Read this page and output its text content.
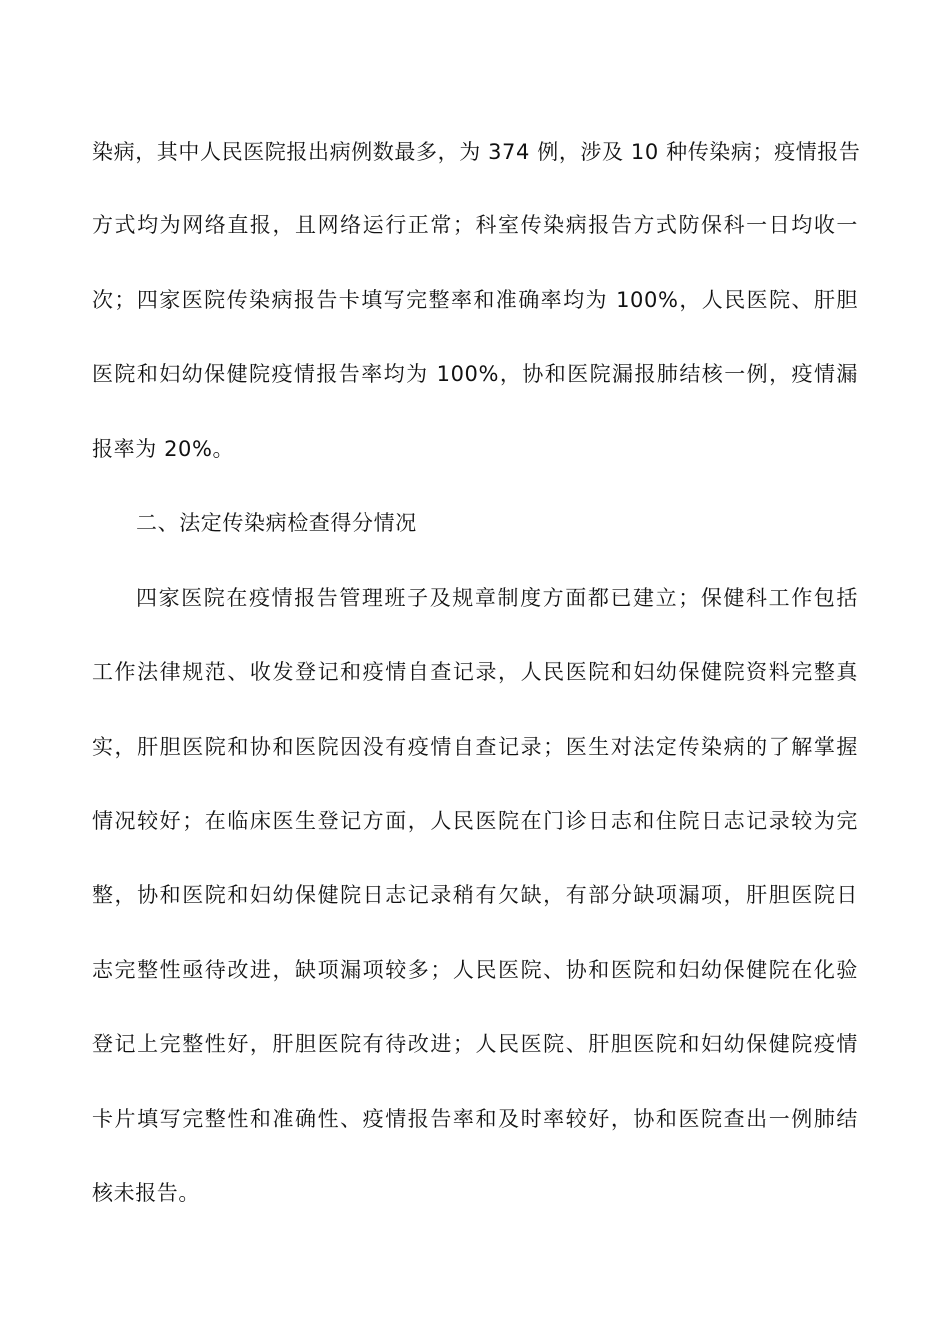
染病，其中人民医院报出病例数最多，为 374 例，涉及 10 种传染病；疫情报告
方式均为网络直报，且网络运行正常；科室传染病报告方式防保科一日均收一
次；四家医院传染病报告卡填写完整率和准确率均为 100%，人民医院、肝胆
医院和妇幼保健院疫情报告率均为 100%，协和医院漏报肺结核一例，疫情漏
报率为 20%。
二、法定传染病检查得分情况
四家医院在疫情报告管理班子及规章制度方面都已建立；保健科工作包括
工作法律规范、收发登记和疫情自查记录，人民医院和妇幼保健院资料完整真
实，肝胆医院和协和医院因没有疫情自查记录；医生对法定传染病的了解掌握
情况较好；在临床医生登记方面，人民医院在门诊日志和住院日志记录较为完
整，协和医院和妇幼保健院日志记录稍有欠缺，有部分缺项漏项，肝胆医院日
志完整性亟待改进，缺项漏项较多；人民医院、协和医院和妇幼保健院在化验
登记上完整性好，肝胆医院有待改进；人民医院、肝胆医院和妇幼保健院疫情
卡片填写完整性和准确性、疫情报告率和及时率较好，协和医院查出一例肺结
核未报告。
